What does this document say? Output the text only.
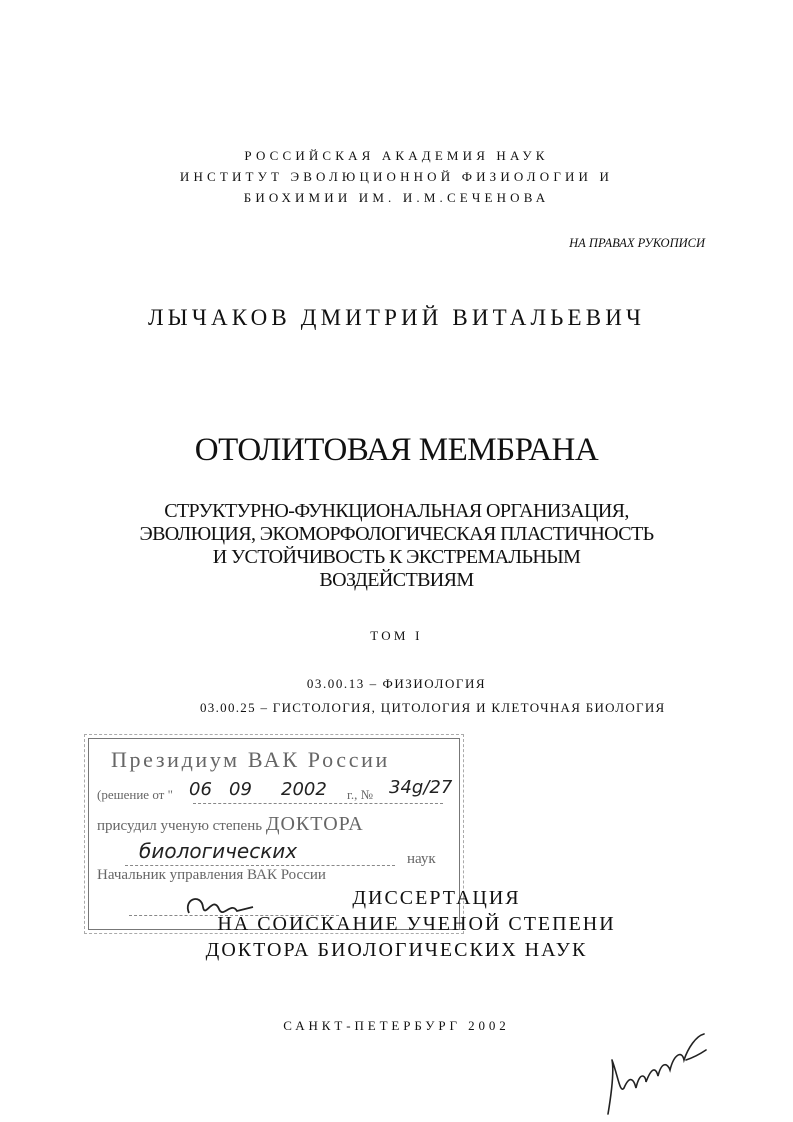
РОССИЙСКАЯ АКАДЕМИЯ НАУК
ИНСТИТУТ ЭВОЛЮЦИОННОЙ ФИЗИОЛОГИИ И
БИОХИМИИ ИМ. И.М.СЕЧЕНОВА
НА ПРАВАХ РУКОПИСИ
ЛЫЧАКОВ ДМИТРИЙ ВИТАЛЬЕВИЧ
ОТОЛИТОВАЯ МЕМБРАНА
СТРУКТУРНО-ФУНКЦИОНАЛЬНАЯ ОРГАНИЗАЦИЯ,
ЭВОЛЮЦИЯ, ЭКОМОРФОЛОГИЧЕСКАЯ ПЛАСТИЧНОСТЬ
И УСТОЙЧИВОСТЬ К ЭКСТРЕМАЛЬНЫМ
ВОЗДЕЙСТВИЯМ
ТОМ I
03.00.13 – ФИЗИОЛОГИЯ
03.00.25 – ГИСТОЛОГИЯ, ЦИТОЛОГИЯ И КЛЕТОЧНАЯ БИОЛОГИЯ
Президиум ВАК России
(решение от " 06 09 2002 г., № 34g/27
присудил ученую степень ДОКТОРА
биологических	наук
Начальник управления ВАК России
ДИССЕРТАЦИЯ
НА СОИСКАНИЕ УЧЕНОЙ СТЕПЕНИ
ДОКТОРА БИОЛОГИЧЕСКИХ НАУК
САНКТ-ПЕТЕРБУРГ 2002
